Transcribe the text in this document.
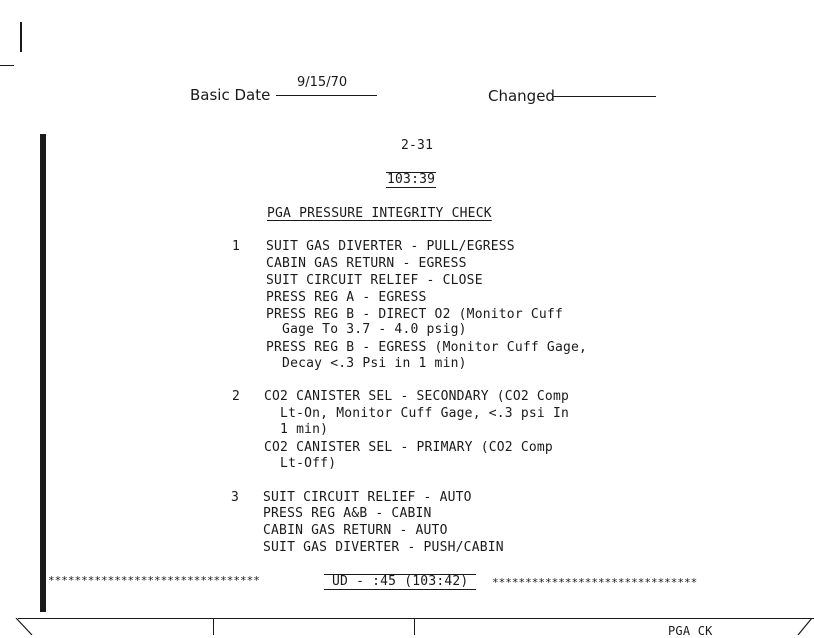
Basic Date
9/15/70
Changed
2-31
103:39
PGA PRESSURE INTEGRITY CHECK
1 SUIT GAS DIVERTER - PULL/EGRESS
CABIN GAS RETURN - EGRESS
SUIT CIRCUIT RELIEF - CLOSE
PRESS REG A - EGRESS
PRESS REG B - DIRECT O2 (Monitor Cuff
Gage To 3.7 - 4.0 psig)
PRESS REG B - EGRESS (Monitor Cuff Gage,
Decay <.3 Psi in 1 min)
2 CO2 CANISTER SEL - SECONDARY (CO2 Comp
Lt-On, Monitor Cuff Gage, <.3 psi In
1 min)
CO2 CANISTER SEL - PRIMARY (CO2 Comp
Lt-Off)
3 SUIT CIRCUIT RELIEF - AUTO
PRESS REG A&B - CABIN
CABIN GAS RETURN - AUTO
SUIT GAS DIVERTER - PUSH/CABIN
********************************	UD - :45 (103:42)	*******************************
PGA CK
